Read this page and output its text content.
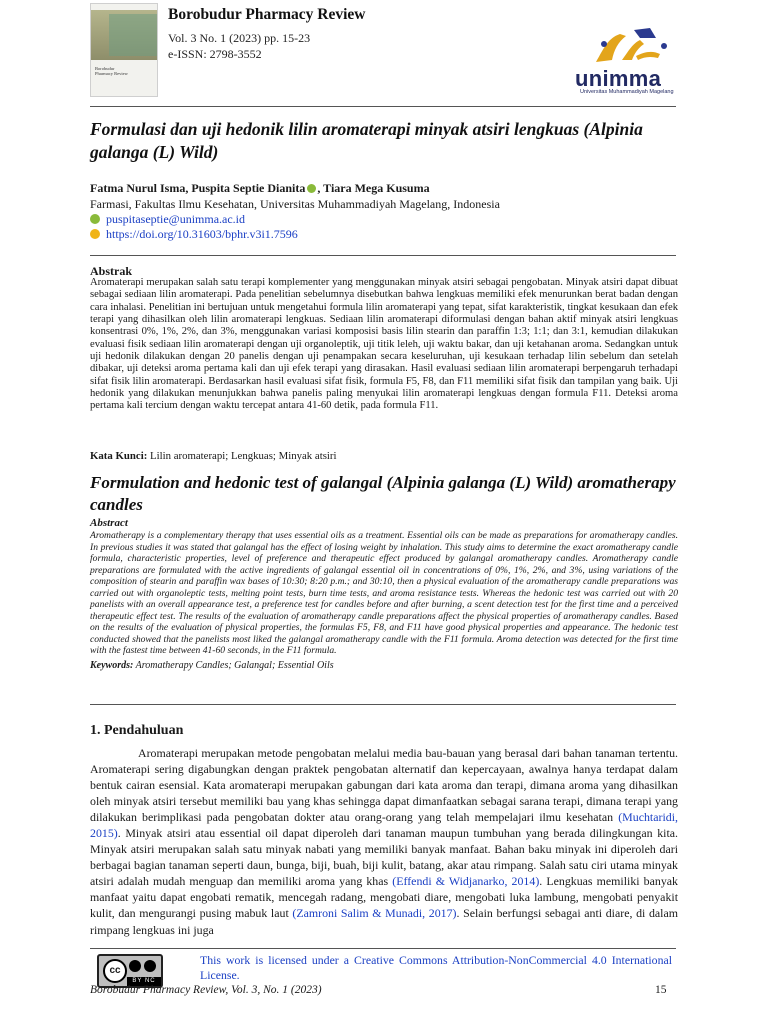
Borobudur
Pharmacy Review
Borobudur Pharmacy Review
Vol. 3 No. 1 (2023) pp. 15-23
e-ISSN: 2798-3552
unimma
Universitas Muhammadiyah Magelang
Formulasi dan uji hedonik lilin aromaterapi minyak atsiri lengkuas (Alpinia galanga (L) Wild)
Fatma Nurul Isma, Puspita Septie Dianita , Tiara Mega Kusuma
Farmasi, Fakultas Ilmu Kesehatan, Universitas Muhammadiyah Magelang, Indonesia
puspitaseptie@unimma.ac.id
https://doi.org/10.31603/bphr.v3i1.7596
Abstrak
Aromaterapi merupakan salah satu terapi komplementer yang menggunakan minyak atsiri sebagai pengobatan. Minyak atsiri dapat dibuat sebagai sediaan lilin aromaterapi. Pada penelitian sebelumnya disebutkan bahwa lengkuas memiliki efek menurunkan berat badan dengan cara inhalasi. Penelitian ini bertujuan untuk mengetahui formula lilin aromaterapi yang tepat, sifat karakteristik, tingkat kesukaan dan efek terapi yang dihasilkan oleh lilin aromaterapi lengkuas. Sediaan lilin aromaterapi diformulasi dengan bahan aktif minyak atsiri lengkuas konsentrasi 0%, 1%, 2%, dan 3%, menggunakan variasi komposisi basis lilin stearin dan paraffin 1:3; 1:1; dan 3:1, kemudian dilakukan evaluasi fisik sediaan lilin aromaterapi dengan uji organoleptik, uji titik leleh, uji waktu bakar, dan uji ketahanan aroma. Sedangkan untuk uji hedonik dilakukan dengan 20 panelis dengan uji penampakan secara keseluruhan, uji kesukaan terhadap lilin sebelum dan setelah dibakar, uji deteksi aroma pertama kali dan uji efek terapi yang dirasakan. Hasil evaluasi sediaan lilin aromaterapi berpengaruh terhadapi sifat fisik lilin aromaterapi. Berdasarkan hasil evaluasi sifat fisik, formula F5, F8, dan F11 memiliki sifat fisik dan tampilan yang baik. Uji hedonik yang dilakukan menunjukkan bahwa panelis paling menyukai lilin aromaterapi lengkuas dengan formula F11. Deteksi aroma pertama kali tercium dengan waktu tercepat antara 41-60 detik, pada formula F11.
Kata Kunci: Lilin aromaterapi; Lengkuas; Minyak atsiri
Formulation and hedonic test of galangal (Alpinia galanga (L) Wild) aromatherapy candles
Abstract
Aromatherapy is a complementary therapy that uses essential oils as a treatment. Essential oils can be made as preparations for aromatherapy candles. In previous studies it was stated that galangal has the effect of losing weight by inhalation. This study aims to determine the exact aromatherapy candle formula, characteristic properties, level of preference and therapeutic effect produced by galangal aromatherapy candles. Aromatherapy candle preparations are formulated with the active ingredients of galangal essential oil in concentrations of 0%, 1%, 2%, and 3%, using variations of the composition of stearin and paraffin wax bases of 10:30; 8:20 p.m.; and 30:10, then a physical evaluation of the aromatherapy candle preparations was carried out with organoleptic tests, melting point tests, burn time tests, and aroma resistance tests. Whereas the hedonic test was carried out with 20 panelists with an overall appearance test, a preference test for candles before and after burning, a scent detection test for the first time and a perceived therapeutic effect test. The results of the evaluation of aromatherapy candle preparations affect the physical properties of aromatherapy candles. Based on the results of the evaluation of physical properties, the formulas F5, F8, and F11 have good physical properties and appearance. The hedonic test conducted showed that the panelists most liked the galangal aromatherapy candle with the F11 formula. Aroma detection was detected for the first time with the fastest time between 41-60 seconds, in the F11 formula.
Keywords: Aromatherapy Candles; Galangal; Essential Oils
1. Pendahuluan

Aromaterapi merupakan metode pengobatan melalui media bau-bauan yang berasal dari bahan tanaman tertentu. Aromaterapi sering digabungkan dengan praktek pengobatan alternatif dan kepercayaan, awalnya hanya terdapat dalam bentuk cairan esensial. Kata aromaterapi merupakan gabungan dari kata aroma dan terapi, dimana aroma yang dihasilkan oleh minyak atsiri tersebut memiliki bau yang khas sehingga dapat dimanfaatkan sebagai sarana terapi, dimana terapi yang dilakukan berimplikasi pada pengobatan dokter atau orang-orang yang telah mempelajari ilmu kesehatan (Muchtaridi, 2015). Minyak atsiri atau essential oil dapat diperoleh dari tanaman maupun tumbuhan yang berada dilingkungan kita. Minyak atsiri merupakan salah satu minyak nabati yang memiliki banyak manfaat. Bahan baku minyak ini diperoleh dari berbagai bagian tanaman seperti daun, bunga, biji, buah, biji kulit, batang, akar atau rimpang. Salah satu ciri utama minyak atsiri adalah mudah menguap dan memiliki aroma yang khas (Effendi & Widjanarko, 2014). Lengkuas memiliki banyak manfaat yaitu dapat engobati rematik, mencegah radang, mengobati diare, mengobati luka lambung, mengobati penyakit kulit, dan mengurangi pusing mabuk laut (Zamroni Salim & Munadi, 2017). Selain berfungsi sebagai anti diare, di dalam rimpang lengkuas ini juga

cc
BY NC
This work is licensed under a Creative Commons Attribution-NonCommercial 4.0 International License.
Borobudur Pharmacy Review, Vol. 3, No. 1 (2023)	15
